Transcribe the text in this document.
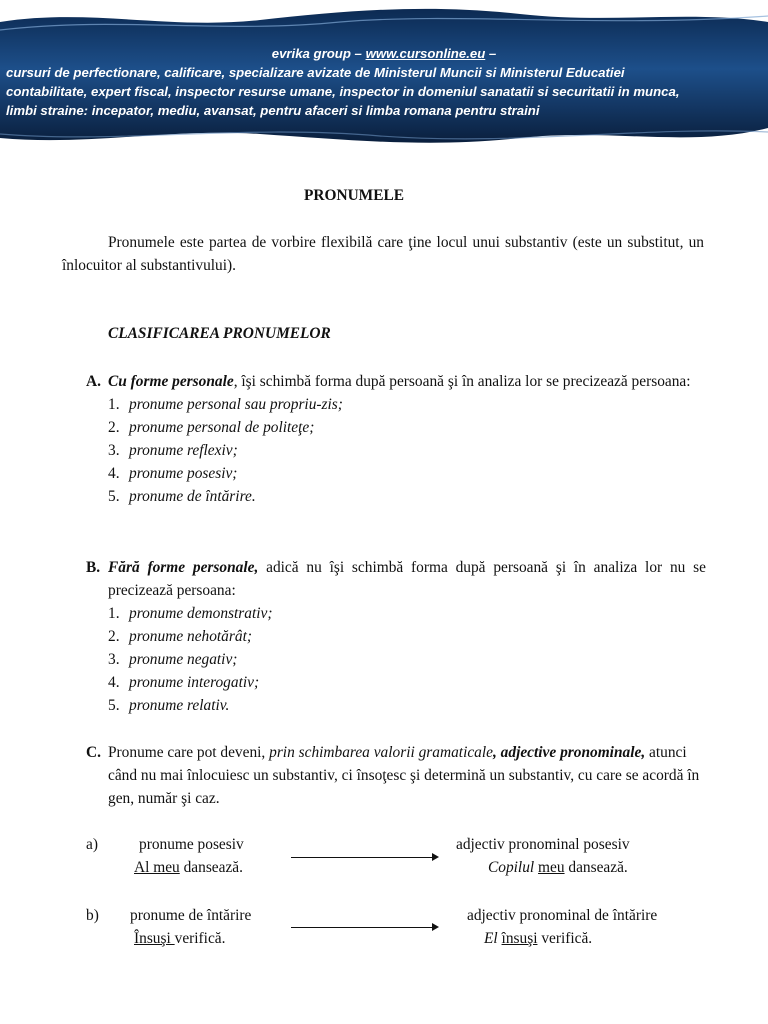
evrika group – www.cursonline.eu –
cursuri de perfectionare, calificare, specializare avizate de Ministerul Muncii si Ministerul Educatiei
contabilitate, expert fiscal, inspector resurse umane, inspector in domeniul sanatatii si securitatii in munca,
limbi straine: incepator, mediu, avansat, pentru afaceri si limba romana pentru straini
PRONUMELE
Pronumele este partea de vorbire flexibilă care ţine locul unui substantiv (este un substitut, un înlocuitor al substantivului).
CLASIFICAREA PRONUMELOR
A. Cu forme personale, îşi schimbă forma după persoană şi în analiza lor se precizează persoana:
1. pronume personal sau propriu-zis;
2. pronume personal de politeţe;
3. pronume reflexiv;
4. pronume posesiv;
5. pronume de întărire.
B. Fără forme personale, adică nu îşi schimbă forma după persoană şi în analiza lor nu se precizează persoana:
1. pronume demonstrativ;
2. pronume nehotărât;
3. pronume negativ;
4. pronume interogativ;
5. pronume relativ.
C. Pronume care pot deveni, prin schimbarea valorii gramaticale, adjective pronominale, atunci când nu mai înlocuiesc un substantiv, ci însoţesc şi determină un substantiv, cu care se acordă în gen, număr şi caz.
a)	pronume posesiv
Al meu dansează.
adjectiv pronominal posesiv
Copilul meu dansează.
b) pronume de întărire
Însuşi verifică.
adjectiv pronominal de întărire
El însuşi verifică.
